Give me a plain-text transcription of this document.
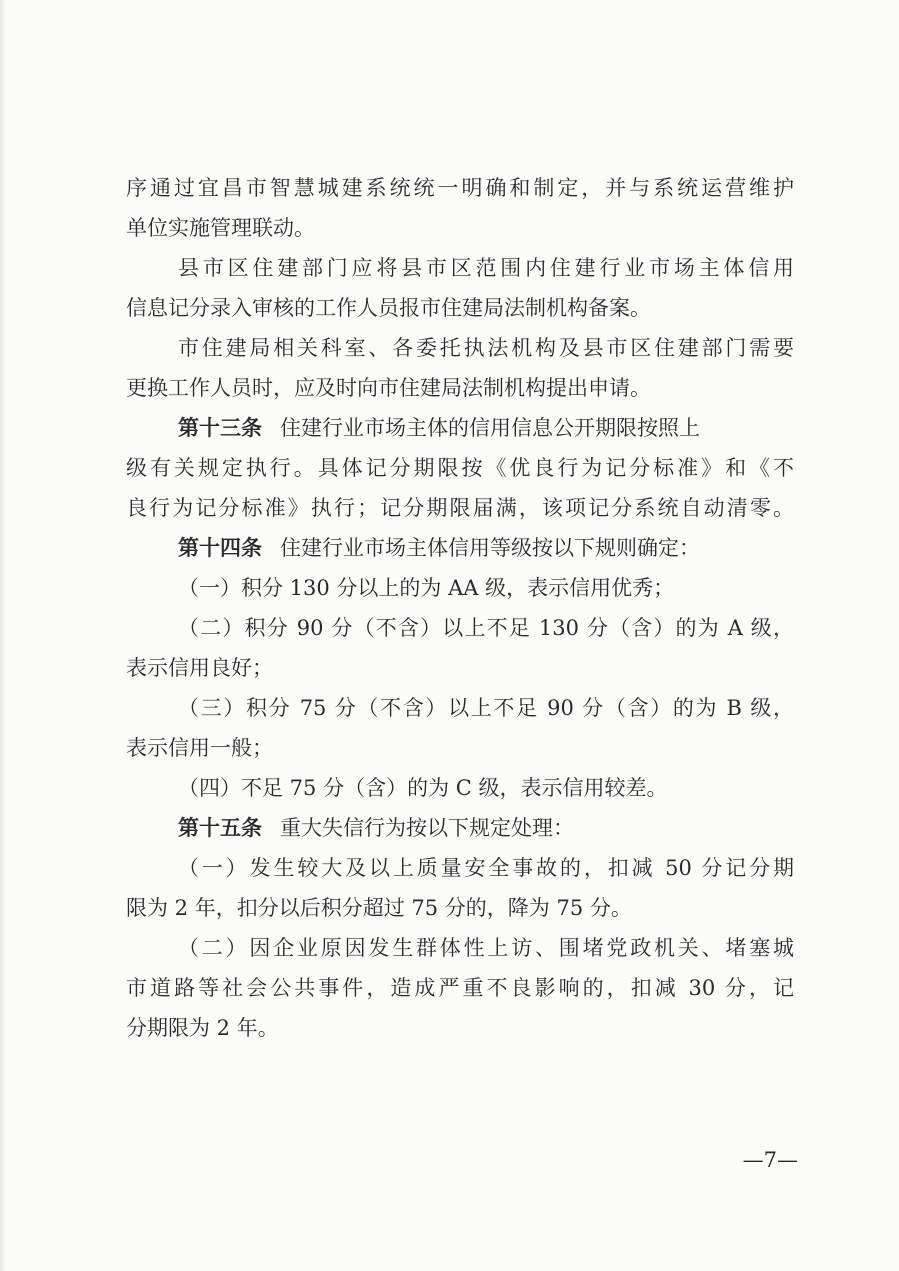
序通过宜昌市智慧城建系统统一明确和制定，并与系统运营维护
单位实施管理联动。
县市区住建部门应将县市区范围内住建行业市场主体信用
信息记分录入审核的工作人员报市住建局法制机构备案。
市住建局相关科室、各委托执法机构及县市区住建部门需要
更换工作人员时，应及时向市住建局法制机构提出申请。
第十三条 住建行业市场主体的信用信息公开期限按照上
级有关规定执行。具体记分期限按《优良行为记分标准》和《不
良行为记分标准》执行；记分期限届满，该项记分系统自动清零。
第十四条 住建行业市场主体信用等级按以下规则确定：
（一）积分 130 分以上的为 AA 级，表示信用优秀；
（二）积分 90 分（不含）以上不足 130 分（含）的为 A 级，
表示信用良好；
（三）积分 75 分（不含）以上不足 90 分（含）的为 B 级，
表示信用一般；
（四）不足 75 分（含）的为 C 级，表示信用较差。
第十五条 重大失信行为按以下规定处理：
（一）发生较大及以上质量安全事故的，扣减 50 分记分期
限为 2 年，扣分以后积分超过 75 分的，降为 75 分。
（二）因企业原因发生群体性上访、围堵党政机关、堵塞城
市道路等社会公共事件，造成严重不良影响的，扣减 30 分，记
分期限为 2 年。
—7—
